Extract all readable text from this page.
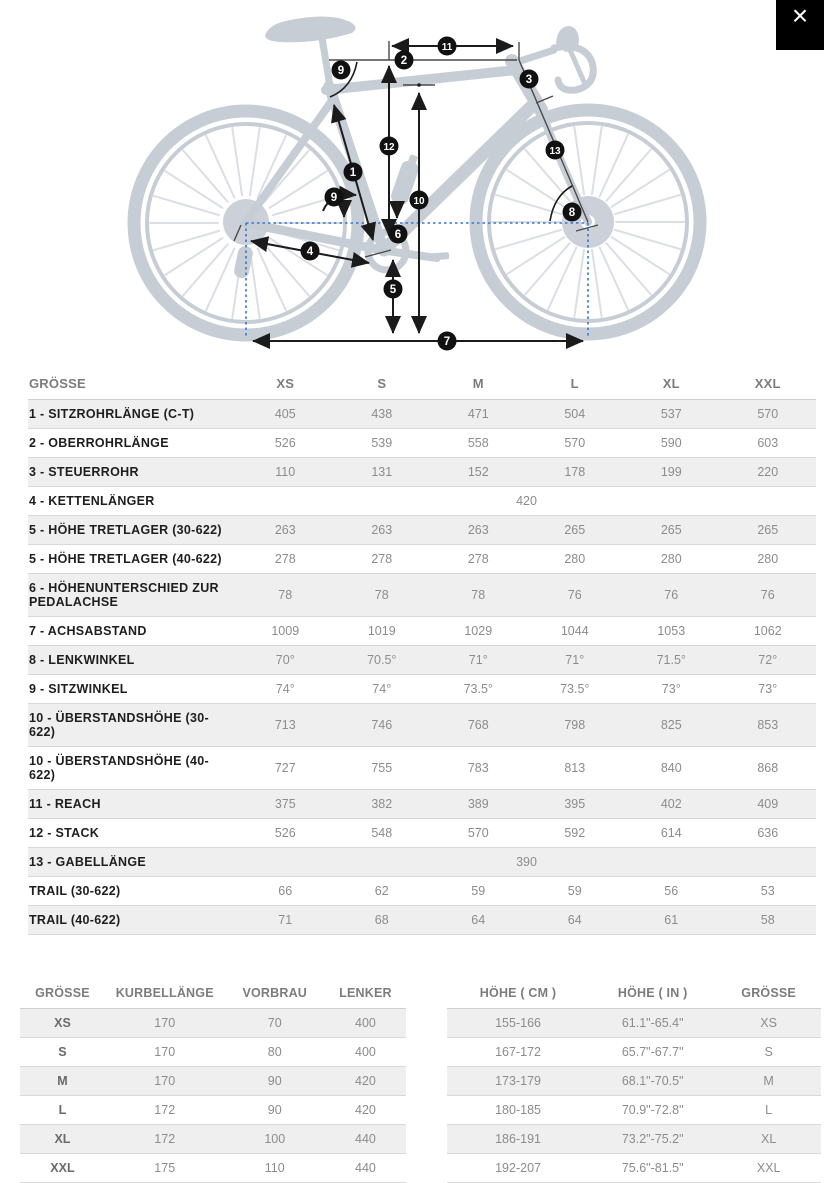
×
1
2
3
4
5
6
7
8
9
9	10
11
12	13
GRÖSSE	XS	S	M	L	XL	XXL
1 - SITZROHRLÄNGE (C-T)	405	438	471	504	537	570
2 - OBERROHRLÄNGE	526	539	558	570	590	603
3 - STEUERROHR	110	131	152	178	199	220
4 - KETTENLÄNGER	420					
5 - HÖHE TRETLAGER (30-622)	263	263	263	265	265	265
5 - HÖHE TRETLAGER (40-622)	278	278	278	280	280	280
6 - HÖHENUNTERSCHIED ZUR PEDALACHSE	78	78	78	76	76	76
7 - ACHSABSTAND	1009	1019	1029	1044	1053	1062
8 - LENKWINKEL	70°	70.5°	71°	71°	71.5°	72°
9 - SITZWINKEL	74°	74°	73.5°	73.5°	73°	73°
10 - ÜBERSTANDSHÖHE (30-622)	713	746	768	798	825	853
10 - ÜBERSTANDSHÖHE (40-622)	727	755	783	813	840	868
11 - REACH	375	382	389	395	402	409
12 - STACK	526	548	570	592	614	636
13 - GABELLÄNGE	390					
TRAIL (30-622)	66	62	59	59	56	53
TRAIL (40-622)	71	68	64	64	61	58
GRÖSSE	KURBELLÄNGE	VORBRAU	LENKER
XS	170	70	400
S	170	80	400
M	170	90	420
L	172	90	420
XL	172	100	440
XXL	175	110	440
HÖHE ( CM )	HÖHE ( IN )	GRÖSSE
155-166	61.1"-65.4"	XS
167-172	65.7"-67.7"	S
173-179	68.1"-70.5"	M
180-185	70.9"-72.8"	L
186-191	73.2"-75.2"	XL
192-207	75.6"-81.5"	XXL
